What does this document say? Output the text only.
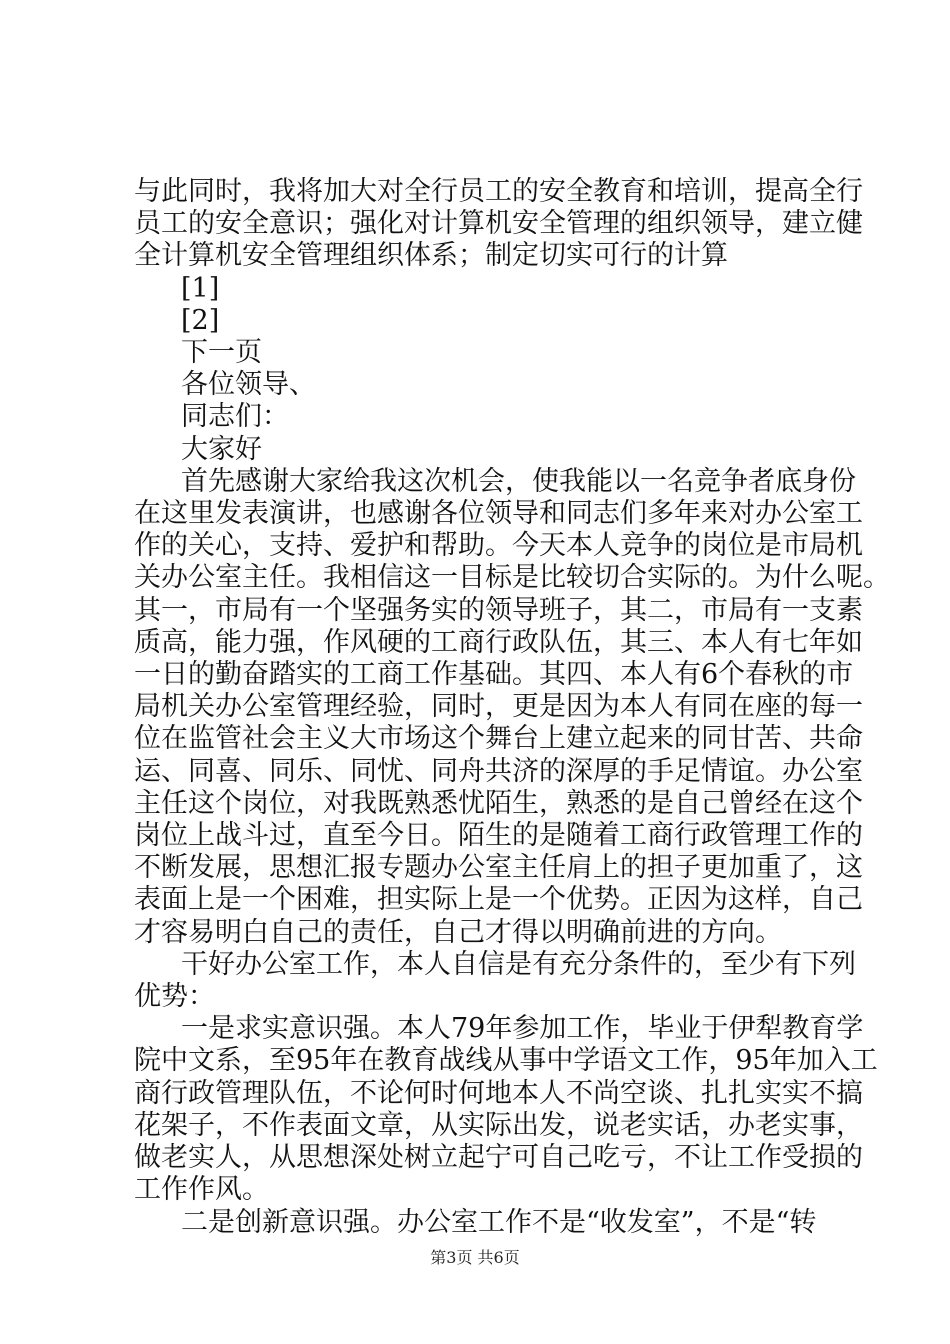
与此同时，我将加大对全行员工的安全教育和培训，提高全行
员工的安全意识；强化对计算机安全管理的组织领导，建立健
全计算机安全管理组织体系；制定切实可行的计算
[1]
[2]
下一页
各位领导、
同志们：
大家好
首先感谢大家给我这次机会，使我能以一名竞争者底身份
在这里发表演讲，也感谢各位领导和同志们多年来对办公室工
作的关心，支持、爱护和帮助。今天本人竞争的岗位是市局机
关办公室主任。我相信这一目标是比较切合实际的。为什么呢。
其一，市局有一个坚强务实的领导班子，其二，市局有一支素
质高，能力强，作风硬的工商行政队伍，其三、本人有七年如
一日的勤奋踏实的工商工作基础。其四、本人有6个春秋的市
局机关办公室管理经验，同时，更是因为本人有同在座的每一
位在监管社会主义大市场这个舞台上建立起来的同甘苦、共命
运、同喜、同乐、同忧、同舟共济的深厚的手足情谊。办公室
主任这个岗位，对我既熟悉忧陌生，熟悉的是自己曾经在这个
岗位上战斗过，直至今日。陌生的是随着工商行政管理工作的
不断发展，思想汇报专题办公室主任肩上的担子更加重了，这
表面上是一个困难，担实际上是一个优势。正因为这样，自己
才容易明白自己的责任，自己才得以明确前进的方向。
干好办公室工作，本人自信是有充分条件的，至少有下列
优势：
一是求实意识强。本人79年参加工作，毕业于伊犁教育学
院中文系，至95年在教育战线从事中学语文工作，95年加入工
商行政管理队伍，不论何时何地本人不尚空谈、扎扎实实不搞
花架子，不作表面文章，从实际出发，说老实话，办老实事，
做老实人，从思想深处树立起宁可自己吃亏，不让工作受损的
工作作风。
二是创新意识强。办公室工作不是“收发室”，不是“转
第3页 共6页
